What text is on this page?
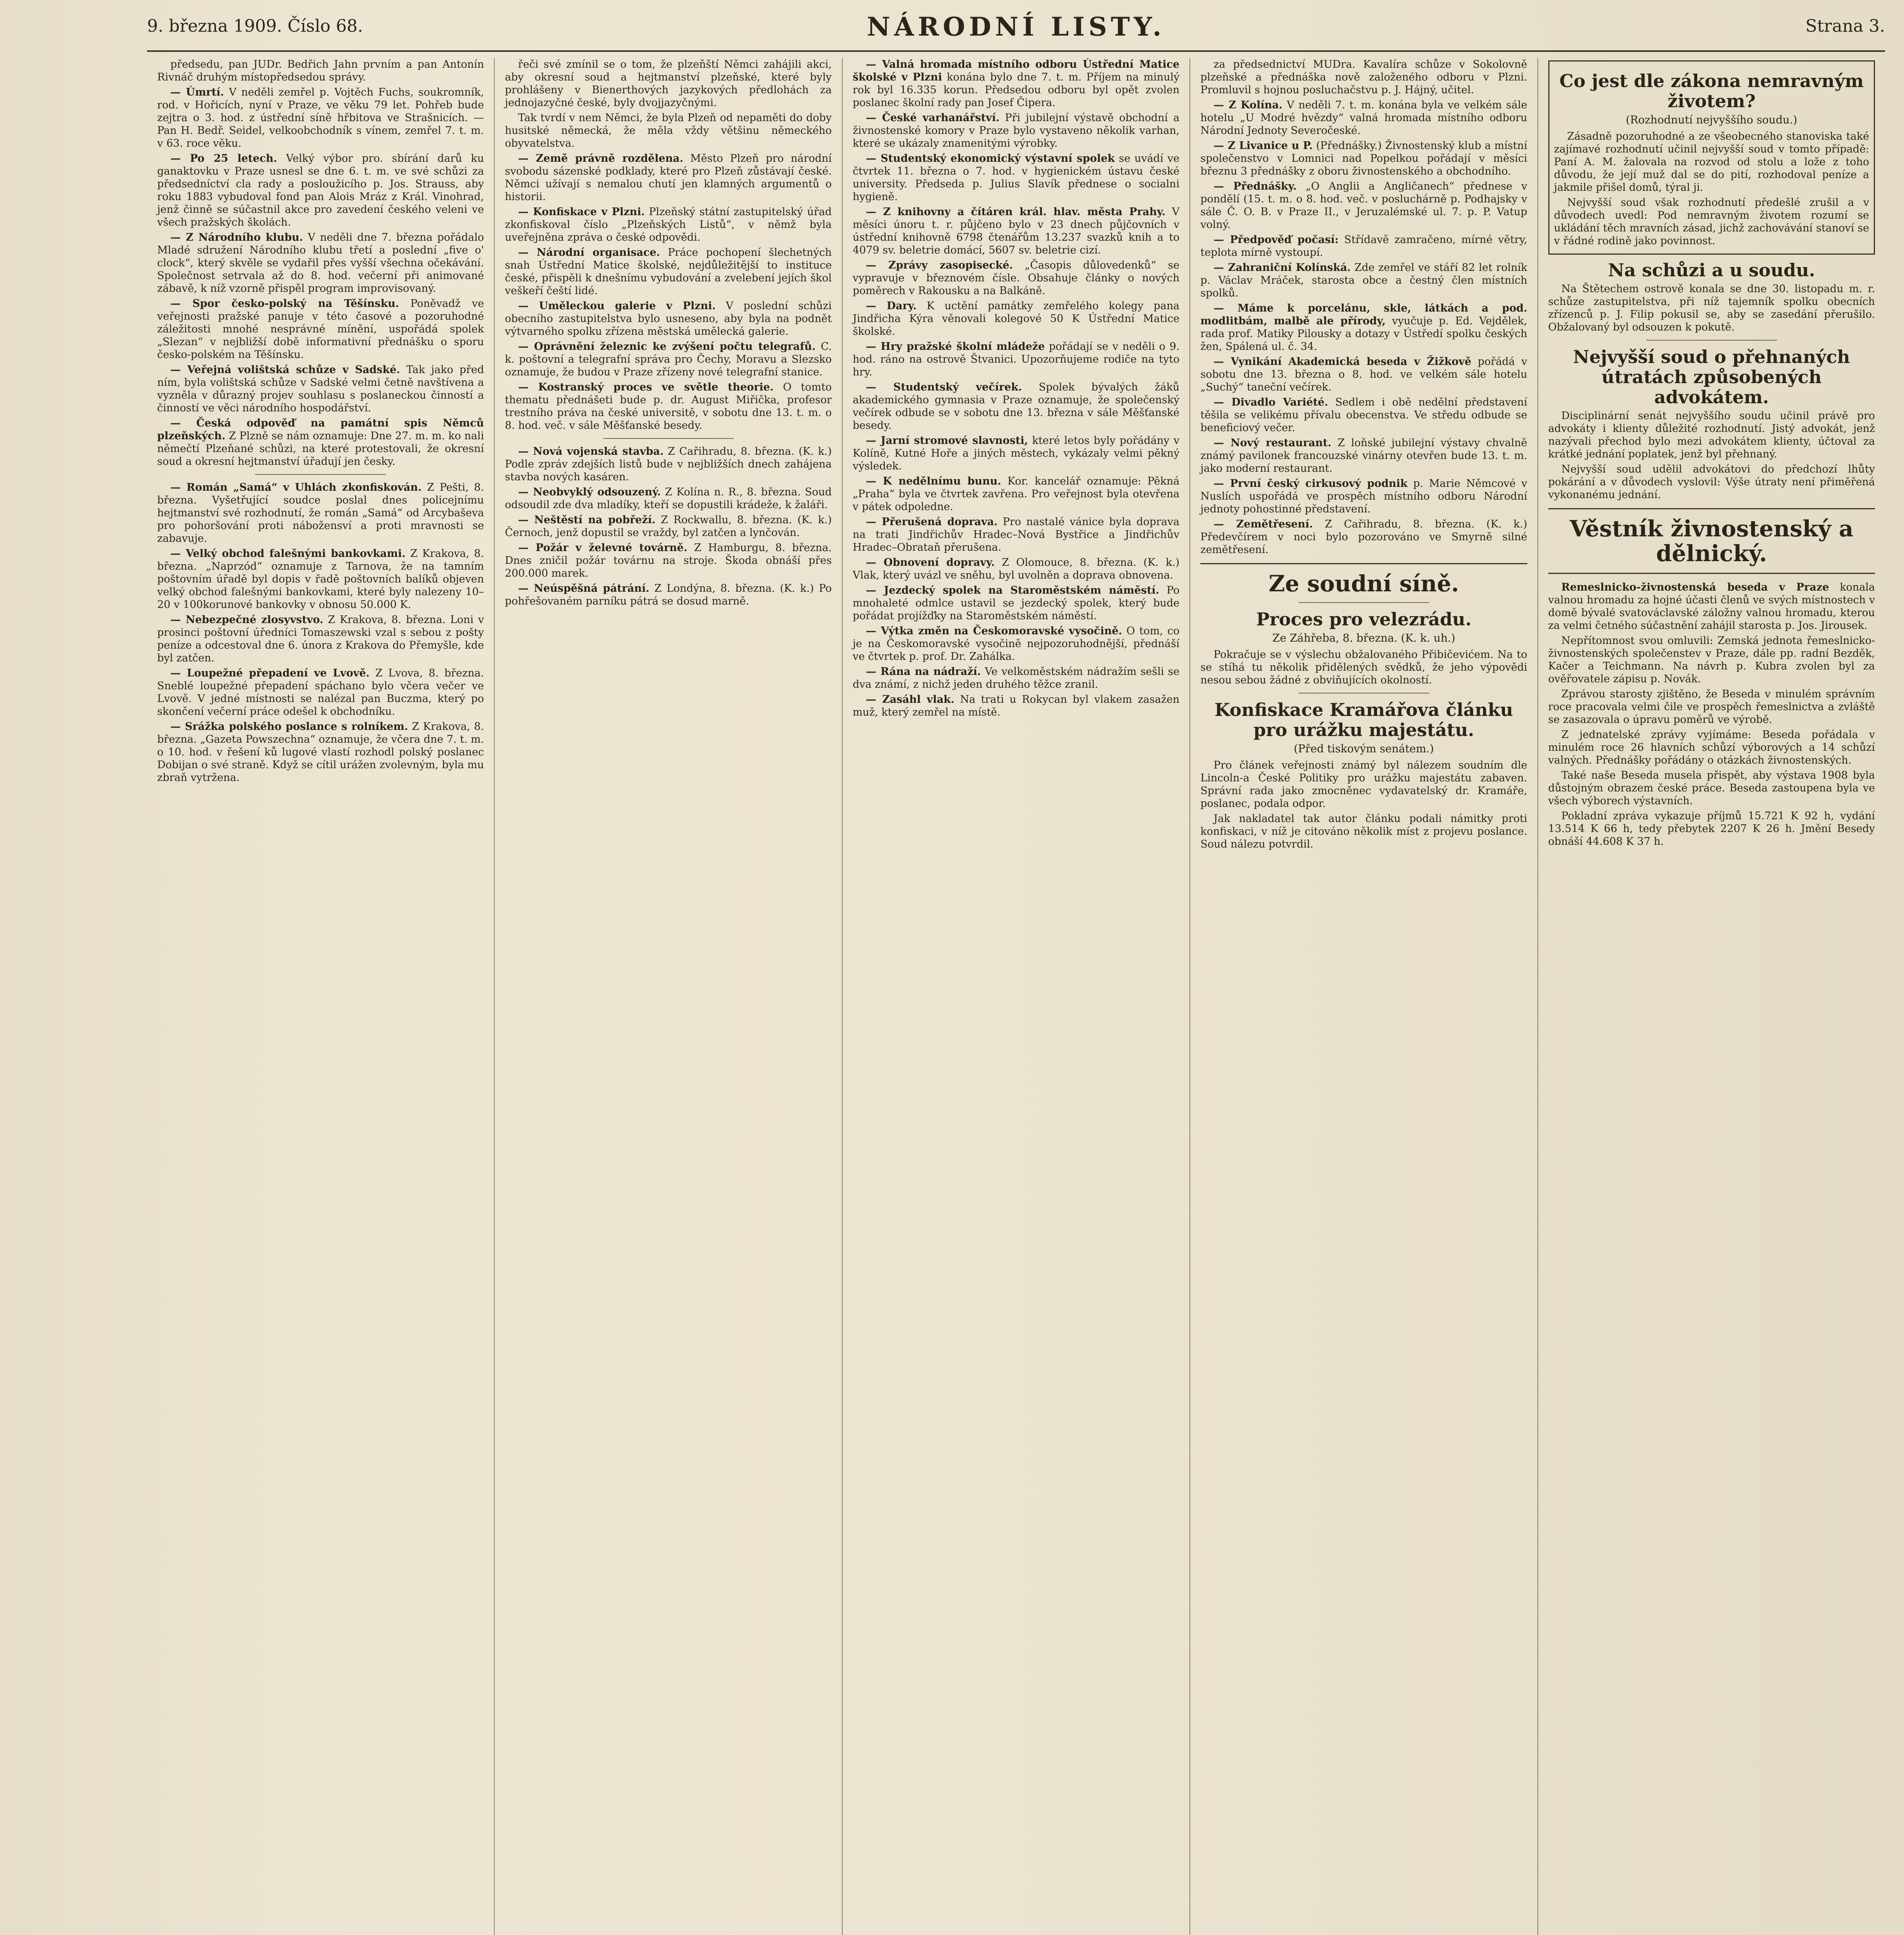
9. března 1909. Číslo 68.	NÁRODNÍ LISTY.	Strana 3.

předsedu, pan JUDr. Bedřich Jahn prvním a pan Antonín Rivnáč druhým místopředsedou správy.

— Úmrtí. V neděli zemřel p. Vojtěch Fuchs, soukromník, rod. v Hořicích, nyní v Praze, ve věku 79 let. Pohřeb bude zejtra o 3. hod. z ústřední síně hřbitova ve Strašnicích. — Pan H. Bedř. Seidel, velkoobchodník s vínem, zemřel 7. t. m. v 63. roce věku.

— Po 25 letech. Velký výbor pro. sbírání darů ku ganaktovku v Praze usnesl se dne 6. t. m. ve své schůzi za předsedníctví cla rady a posloužicího p. Jos. Strauss, aby roku 1883 vybudoval fond pan Alois Mráz z Král. Vinohrad, jenž činně se súčastnil akce pro zavedení českého veleni ve všech pražských školách.

— Z Národního klubu. V neděli dne 7. března pořádalo Mladé sdružení Národního klubu třetí a poslední „five o' clock“, který skvěle se vydařil přes vyšší všechna očekávání. Společnost setrvala až do 8. hod. večerní při animované zábavě, k níž vzorně přispěl program improvisovaný.

— Spor česko-polský na Těšínsku. Poněvadž ve veřejnosti pražské panuje v této časové a pozoruhodné záležitosti mnohé nesprávné mínění, uspořádá spolek „Slezan“ v nejbližší době informativní přednášku o sporu česko-polském na Těšínsku.

— Veřejná volištská schůze v Sadské. Tak jako před ním, byla volištská schůze v Sadské velmi četně navštívena a vyzněla v důrazný projev souhlasu s poslaneckou činností a činností ve věci národního hospodářství.

— Česká odpověď na památní spis Němců plzeňských. Z Plzně se nám oznamuje: Dne 27. m. m. ko nali němečtí Plzeňané schůzi, na které protestovali, že okresní soud a okresní hejtmanství úřadují jen česky.

— Román „Samá“ v Uhlách zkonfiskován. Z Pešti, 8. března. Vyšetřující soudce poslal dnes policejnímu hejtmanství své rozhodnutí, že román „Samá“ od Arcybaševa pro pohoršování proti nábožensví a proti mravnosti se zabavuje.

— Velký obchod falešnými bankovkami. Z Krakova, 8. března. „Naprzód“ oznamuje z Tarnova, že na tamním poštovním úřadě byl dopis v řadě poštovních balíků objeven velký obchod falešnými bankovkami, které byly nalezeny 10–20 v 100korunové bankovky v obnosu 50.000 K.

— Nebezpečné zlosyvstvo. Z Krakova, 8. března. Loni v prosinci poštovní úředníci Tomaszewski vzal s sebou z pošty peníze a odcestoval dne 6. února z Krakova do Přemyšle, kde byl zatčen.

— Loupežné přepadení ve Lvově. Z Lvova, 8. března. Sneblé loupežné přepadení spáchano bylo včera večer ve Lvově. V jedné místnosti se nalézal pan Buczma, který po skončení večerní práce odešel k obchodníku.

— Srážka polského poslance s rolníkem. Z Krakova, 8. března. „Gazeta Powszechna“ oznamuje, že včera dne 7. t. m. o 10. hod. v řešení ků lugové vlastí rozhodl polský poslanec Dobijan o své straně. Když se cítil urážen zvolevným, byla mu zbraň vytržena.

řeči své zmínil se o tom, že plzeňští Němci zahájili akci, aby okresní soud a hejtmanství plzeňské, které byly prohlášeny v Bienerthových jazykových předlohách za jednojazyčné české, byly dvojjazyčnými.

Tak tvrdí v nem Němci, že byla Plzeň od nepaměti do doby husitské německá, že měla vždy většinu německého obyvatelstva.

— Země právně rozdělena. Město Plzeň pro národní svobodu sázenské podklady, které pro Plzeň zůstávají české. Němci užívají s nemalou chutí jen klamných argumentů o historii.

— Konfiskace v Plzni. Plzeňský státní zastupitelský úřad zkonfiskoval číslo „Plzeňských Listů“, v němž byla uveřejněna zpráva o české odpovědi.

— Národní organisace. Práce pochopení šlechetných snah Ústřední Matice školské, nejdůležitější to instituce české, přispěli k dnešnímu vybudování a zvelebení jejích škol veškeří čeští lidé.

— Uměleckou galerie v Plzni. V poslední schůzi obecního zastupitelstva bylo usneseno, aby byla na podnět výtvarného spolku zřízena městská umělecká galerie.

— Oprávnění železnic ke zvýšení počtu telegrafů. C. k. poštovní a telegrafní správa pro Čechy, Moravu a Slezsko oznamuje, že budou v Praze zřízeny nové telegrafní stanice.

— Kostranský proces ve světle theorie. O tomto thematu přednášeti bude p. dr. August Miřička, profesor trestního práva na české universitě, v sobotu dne 13. t. m. o 8. hod. več. v sále Měšťanské besedy.

— Nová vojenská stavba. Z Cařihradu, 8. března. (K. k.) Podle zpráv zdejších listů bude v nejbližších dnech zahájena stavba nových kasáren.

— Neobvyklý odsouzený. Z Kolína n. R., 8. března. Soud odsoudil zde dva mladíky, kteří se dopustili krádeže, k žaláři.

— Neštěstí na pobřeží. Z Rockwallu, 8. března. (K. k.) Černoch, jenž dopustil se vraždy, byl zatčen a lynčován.

— Požár v želevné továrně. Z Hamburgu, 8. března. Dnes zničil požár továrnu na stroje. Škoda obnáší přes 200.000 marek.

— Neúspěšná pátrání. Z Londýna, 8. března. (K. k.) Po pohřešovaném parníku pátrá se dosud marně.

— Valná hromada místního odboru Ústřední Matice školské v Plzni konána bylo dne 7. t. m. Příjem na minulý rok byl 16.335 korun. Předsedou odboru byl opět zvolen poslanec školní rady pan Josef Čipera.

— České varhanářství. Při jubilejní výstavě obchodní a živnostenské komory v Praze bylo vystaveno několik varhan, které se ukázaly znamenitými výrobky.

— Studentský ekonomický výstavní spolek se uvádí ve čtvrtek 11. března o 7. hod. v hygienickém ústavu české university. Předseda p. Julius Slavík přednese o socialni hygieně.

— Z knihovny a čítáren král. hlav. města Prahy. V měsíci únoru t. r. půjčeno bylo v 23 dnech půjčovních v ústřední knihovně 6798 čtenářům 13.237 svazků knih a to 4079 sv. beletrie domácí, 5607 sv. beletrie cizí.

— Zprávy zasopisecké. „Časopis důlovedenků“ se vypravuje v březnovém čísle. Obsahuje články o nových poměrech v Rakousku a na Balkáně.

— Dary. K uctění památky zemřelého kolegy pana Jindřicha Kýra věnovali kolegové 50 K Ústřední Matice školské.

— Hry pražské školní mládeže pořádají se v neděli o 9. hod. ráno na ostrově Štvanici. Upozorňujeme rodiče na tyto hry.

— Studentský večírek. Spolek bývalých žáků akademického gymnasia v Praze oznamuje, že společenský večírek odbude se v sobotu dne 13. března v sále Měšťanské besedy.

— Jarní stromové slavnosti, které letos byly pořádány v Kolíně, Kutné Hoře a jiných městech, vykázaly velmi pěkný výsledek.

— K nedělnímu bunu. Kor. kancelář oznamuje: Pěkná „Praha“ byla ve čtvrtek zavřena. Pro veřejnost byla otevřena v pátek odpoledne.

— Přerušená doprava. Pro nastalé vánice byla doprava na trati Jindřichův Hradec–Nová Bystřice a Jindřichův Hradec–Obrataň přerušena.

— Obnovení dopravy. Z Olomouce, 8. března. (K. k.) Vlak, který uvázl ve sněhu, byl uvolněn a doprava obnovena.

— Jezdecký spolek na Staroměstském náměstí. Po mnohaleté odmlce ustavil se jezdecký spolek, který bude pořádat projížďky na Staroměstském náměstí.

— Výtka změn na Českomoravské vysočině. O tom, co je na Českomoravské vysočině nejpozoruhodnější, přednáší ve čtvrtek p. prof. Dr. Zahálka.

— Rána na nádraží. Ve velkoměstském nádražím sešli se dva známí, z nichž jeden druhého těžce zranil.

— Zasáhl vlak. Na trati u Rokycan byl vlakem zasažen muž, který zemřel na místě.

za předsednictví MUDra. Kavalíra schůze v Sokolovně plzeňské a přednáška nově založeného odboru v Plzni. Promluvil s hojnou posluchačstvu p. J. Hájný, učitel.

— Z Kolína. V neděli 7. t. m. konána byla ve velkém sále hotelu „U Modré hvězdy“ valná hromada místního odboru Národní Jednoty Severočeské.

— Z Livanice u P. (Přednášky.) Živnostenský klub a místní společenstvo v Lomnici nad Popelkou pořádají v měsíci březnu 3 přednášky z oboru živnostenského a obchodního.

— Přednášky. „O Anglii a Angličanech“ přednese v pondělí (15. t. m. o 8. hod. več. v posluchárně p. Podhajsky v sále Č. O. B. v Praze II., v Jeruzalémské ul. 7. p. P. Vatup volný.

— Předpověď počasí: Střídavě zamračeno, mírné větry, teplota mírně vystoupí.

— Zahraniční Kolínská. Zde zemřel ve stáří 82 let rolník p. Václav Mráček, starosta obce a čestný člen místních spolků.

— Máme k porcelánu, skle, látkách a pod. modlitbám, malbě ale přírody, vyučuje p. Ed. Vejdělek, rada prof. Matiky Pilousky a dotazy v Ústředí spolku českých žen, Spálená ul. č. 34.

— Vynikání Akademická beseda v Žižkově pořádá v sobotu dne 13. března o 8. hod. ve velkém sále hotelu „Suchý“ taneční večírek.

— Divadlo Variété. Sedlem i obě nedělní představení těšila se velikému přívalu obecenstva. Ve středu odbude se beneficiový večer.

— Nový restaurant. Z loňské jubilejní výstavy chvalně známý pavilonek francouzské vinárny otevřen bude 13. t. m. jako moderní restaurant.

— První český cirkusový podnik p. Marie Němcové v Nuslích uspořádá ve prospěch místního odboru Národní jednoty pohostinné představení.

— Zemětřesení. Z Cařihradu, 8. března. (K. k.) Předevčírem v noci bylo pozorováno ve Smyrně silné zemětřesení.

Ze soudní síně.
Proces pro velezrádu.
Ze Záhřeba, 8. března. (K. k. uh.)

Pokračuje se v výslechu obžalovaného Přibičevićem. Na to se stíhá tu několik přidělených svědků, že jeho výpovědi nesou sebou žádné z obviňujících okolností.

Konfiskace Kramářova článku pro urážku majestátu.
(Před tiskovým senátem.)

Pro článek veřejnosti známý byl nálezem soudním dle Lincoln-a České Politiky pro urážku majestátu zabaven. Správní rada jako zmocněnec vydavatelský dr. Kramáře, poslanec, podala odpor.

Jak nakladatel tak autor článku podali námitky proti konfiskaci, v níž je citováno několik míst z projevu poslance. Soud nálezu potvrdil.

Co jest dle zákona nemravným životem?
(Rozhodnutí nejvyššího soudu.)

Zásadně pozoruhodné a ze všeobecného stanoviska také zajímavé rozhodnutí učinil nejvyšší soud v tomto případě: Paní A. M. žalovala na rozvod od stolu a lože z toho důvodu, že její muž dal se do pití, rozhodoval peníze a jakmile přišel domů, týral ji.

Nejvyšší soud však rozhodnutí předešlé zrušil a v důvodech uvedl: Pod nemravným životem rozumí se ukládání těch mravních zásad, jichž zachovávání stanoví se v řádné rodině jako povinnost.

Na schůzi a u soudu.

Na Štětechem ostrově konala se dne 30. listopadu m. r. schůze zastupitelstva, při níž tajemník spolku obecních zřízenců p. J. Filip pokusil se, aby se zasedání přerušilo. Obžalovaný byl odsouzen k pokutě.

Nejvyšší soud o přehnaných útratách způsobených advokátem.

Disciplinární senát nejvyššího soudu učinil právě pro advokáty i klienty důležité rozhodnutí. Jistý advokát, jenž nazývali přechod bylo mezi advokátem klienty, účtoval za krátké jednání poplatek, jenž byl přehnaný.

Nejvyšší soud udělil advokátovi do předchozí lhůty pokárání a v důvodech vyslovil: Výše útraty není přiměřená vykonanému jednání.

Věstník živnostenský a dělnický.

Remeslnicko-živnostenská beseda v Praze konala valnou hromadu za hojné účasti členů ve svých místnostech v domě bývalé svatováclavské záložny valnou hromadu, kterou za velmi četného súčastnění zahájil starosta p. Jos. Jirousek.

Nepřítomnost svou omluvili: Zemská jednota řemeslnicko-živnostenských společenstev v Praze, dále pp. radní Bezděk, Kačer a Teichmann. Na návrh p. Kubra zvolen byl za ověřovatele zápisu p. Novák.

Zprávou starosty zjištěno, že Beseda v minulém správním roce pracovala velmi čile ve prospěch řemeslnictva a zvláště se zasazovala o úpravu poměrů ve výrobě.

Z jednatelské zprávy vyjímáme: Beseda pořádala v minulém roce 26 hlavních schůzí výborových a 14 schůzí valných. Přednášky pořádány o otázkách živnostenských.

Také naše Beseda musela přispět, aby výstava 1908 byla důstojným obrazem české práce. Beseda zastoupena byla ve všech výborech výstavních.

Pokladní zpráva vykazuje příjmů 15.721 K 92 h, vydání 13.514 K 66 h, tedy přebytek 2207 K 26 h. Jmění Besedy obnáší 44.608 K 37 h.
